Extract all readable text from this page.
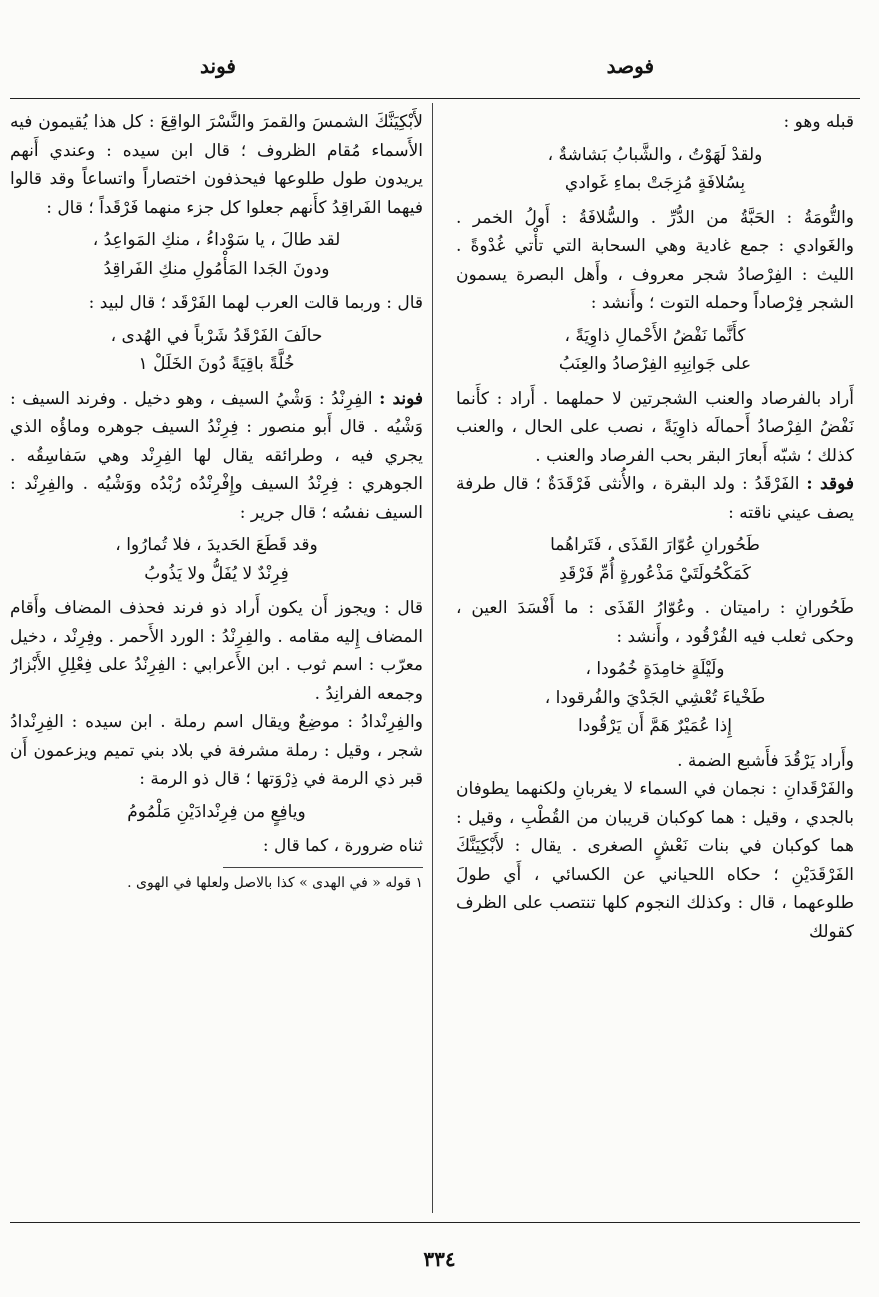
فوصد
فوند

قبله وهو :

ولقدْ لَهَوْتُ ، والشَّبابُ بَشاشةٌ ،

بِسُلافَةٍ مُزِجَتْ بماءِ غَوادي

والتُّومَةُ : الحَبَّةُ من الدُّرِّ . والسُّلافَةُ : أَولُ الخمر . والغَوادي : جمع غادية وهي السحابة التي تأْتي غُدْوةً . الليث : الفِرْصادُ شجر معروف ، وأَهل البصرة يسمون الشجر فِرْصاداً وحمله التوت ؛ وأَنشد :

كأَنَّما نَفْضُ الأَحْمالِ ذاوِيَةً ،

على جَوانِبِهِ الفِرْصادُ والعِنَبُ

أَراد بالفرصاد والعنب الشجرتين لا حملهما . أَراد : كأَنما نَفْضُ الفِرْصادُ أَحمالَه ذاوِيَةً ، نصب على الحال ، والعنب كذلك ؛ شبّه أَبعارَ البقر بحب الفرصاد والعنب .

فوقد : الفَرْقَدُ : ولد البقرة ، والأُنثى فَرْقَدَةٌ ؛ قال طرفة يصف عيني ناقته :

طَحُورانِ عُوّارَ القَذَى ، فَتَراهُما

كَمَكْحُولَتَيْ مَذْعُورةٍ أُمِّ فَرْقَدِ

طَحُورانِ : راميتان . وعُوّارُ القَذَى : ما أَفْسَدَ العين ، وحكى ثعلب فيه الفُرْقُود ، وأَنشد :

ولَيْلَةٍ خامِدَةٍ خُمُودا ،

طَخْياءَ تُعْشِي الجَدْيَ والفُرقودا ،

إِذا عُمَيْرٌ هَمَّ أَن يَرْقُودا

وأَراد يَرْقُدَ فأَشبع الضمة .

والفَرْقَدانِ : نجمان في السماء لا يغربانِ ولكنهما يطوفان بالجدي ، وقيل : هما كوكبان قريبان من القُطْبِ ، وقيل : هما كوكبان في بنات نَعْشٍ الصغرى . يقال : لأَبْكِيَنَّكَ الفَرْقَدَيْنِ ؛ حكاه اللحياني عن الكسائي ، أَي طولَ طلوعهما ، قال : وكذلك النجوم كلها تنتصب على الظرف كقولك

لأَبْكِيَنَّكَ الشمسَ والقمرَ والنَّسْرَ الواقِعَ : كل هذا يُقيمون فيه الأَسماء مُقام الظروف ؛ قال ابن سيده : وعندي أَنهم يريدون طول طلوعها فيحذفون اختصاراً واتساعاً وقد قالوا فيهما الفَراقِدُ كأَنهم جعلوا كل جزء منهما فَرْقَداً ؛ قال :

لقد طالَ ، يا سَوْداءُ ، منكِ المَواعِدُ ،

ودونَ الجَدا المَأْمُولِ منكِ الفَراقِدُ

قال : وربما قالت العرب لهما الفَرْقَد ؛ قال لبيد :

حالَفَ الفَرْقَدُ شَرْباً في الهُدى ،

خُلَّةً باقِيَةً دُونَ الخَلَلْ ١

فوند : الفِرِنْدُ : وَشْيُ السيف ، وهو دخيل . وفرند السيف : وَشْيُه . قال أَبو منصور : فِرِنْدُ السيف جوهره وماؤُه الذي يجري فيه ، وطرائقه يقال لها الفِرِنْد وهي سَفاسِقُه . الجوهري : فِرِنْدُ السيف وإِفْرِنْدُه رُبْدُه ووَشْيُه . والفِرِنْد : السيف نفسُه ؛ قال جرير :

وقد قَطَعَ الحَديدَ ، فلا تُمارُوا ،

فِرِنْدٌ لا يُفَلُّ ولا يَذُوبُ

قال : ويجوز أَن يكون أَراد ذو فرند فحذف المضاف وأَقام المضاف إِليه مقامه . والفِرِنْدُ : الورد الأَحمر . وفِرِنْد ، دخيل معرّب : اسم ثوب . ابن الأَعرابي : الفِرِنْدُ على فِعْلِلِ الأَبْزارُ وجمعه الفرانِدُ .

والفِرِنْدادُ : موضِعٌ ويقال اسم رملة . ابن سيده : الفِرِنْدادُ شجر ، وقيل : رملة مشرفة في بلاد بني تميم ويزعمون أَن قبر ذي الرمة في ذِرْوَتها ؛ قال ذو الرمة :

ويافِعٍ من فِرِنْدادَيْنِ مَلْمُومُ

ثناه ضرورة ، كما قال :

١ قوله « في الهدى » كذا بالاصل ولعلها في الهوى .

٣٣٤
